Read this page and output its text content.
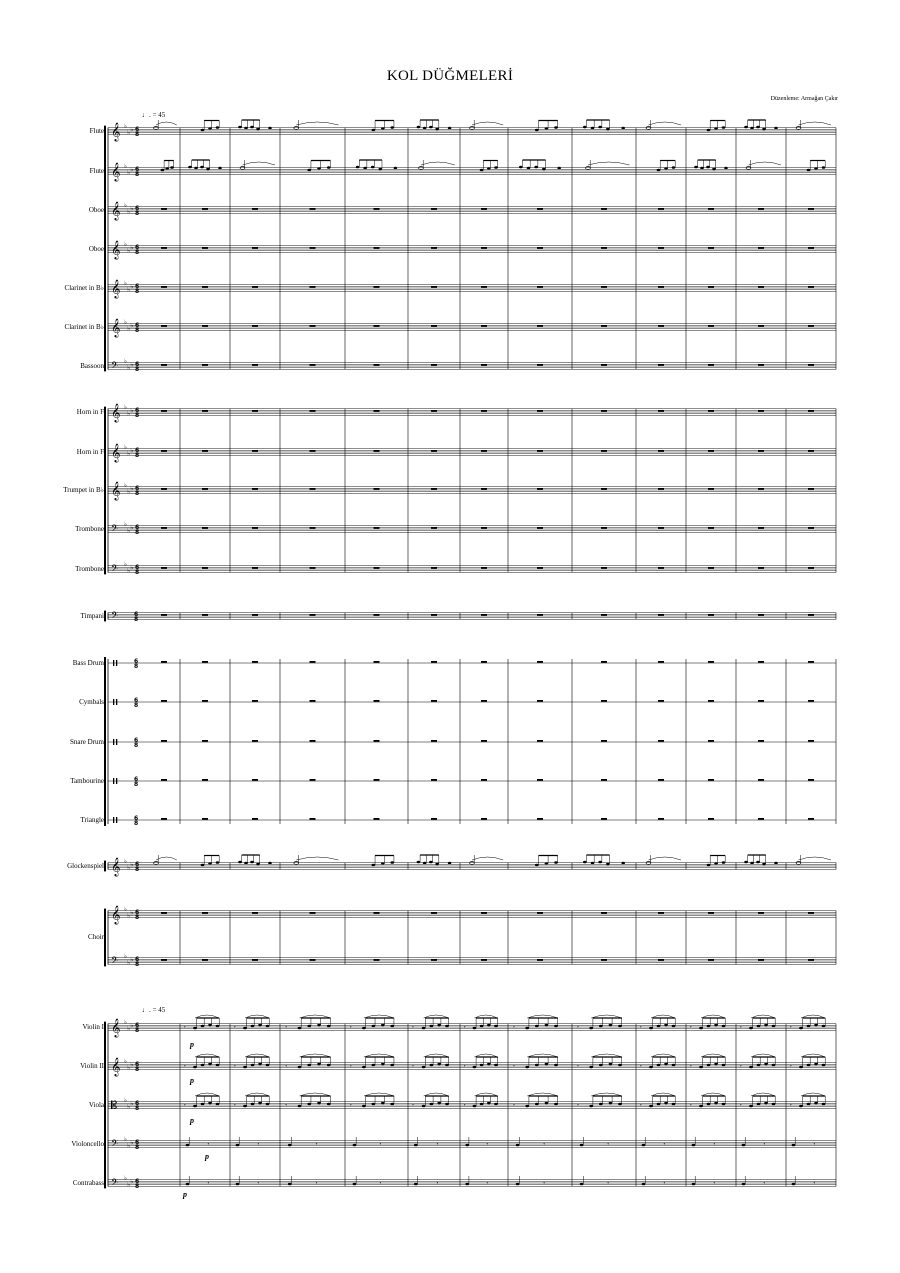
KOL DÜĞMELERİ
Düzenleme: Armağan Çakır
♩. = 45
♩. = 45
Flute
Flute
Oboe
Oboe
Clarinet in B♭
Clarinet in B♭
Bassoon
Horn in F
Horn in F
Trumpet in B♭
Trombone
Trombone
Timpani
Bass Drum
Cymbals
Snare Drum
Tambourine
Triangle
Glockenspiel
Choir
Violin I
Violin II
Viola
Violoncello
Contrabass
p
p
p
p
p
𝄞 ♭
♭ ♭ 6
8
𝄞 ♭
♭ ♭ 6
8
𝄞 ♭
♭ ♭ 6
8
𝄞 ♭
♭ ♭ 6
8
𝄞 ♭
♭ ♭ 6
8
𝄞 ♭
♭ ♭ 6
8
𝄢 ♭
♭ ♭ 6
8
𝄞 ♭
♭ ♭ 6
8
𝄞 ♭
♭ ♭ 6
8
𝄞 ♭
♭ ♭ 6
8
𝄢 ♭
♭ ♭ 6
8
𝄢 ♭
♭ ♭ 6
8
𝄢	6
8
6
8
6
8
6
8
6
8
6
8
𝄞 ♭
♭ ♭ 6
8
𝄞 ♭
♭ ♭ 6
8
𝄢 ♭
♭ ♭ 6
8
𝄞 ♭
♭ ♭ 6
8
𝄞 ♭
♭ ♭ 6
8
𝄡 ♭
♭ ♭ 6
8
𝄢 ♭
♭ ♭ 6
8
𝄢 ♭
♭ ♭ 6
8
𝄾	𝄾	𝄾	𝄾	𝄾	𝄾	𝄾	𝄾	𝄾	𝄾	𝄾	𝄾
𝄾	𝄾	𝄾	𝄾	𝄾	𝄾	𝄾	𝄾	𝄾	𝄾	𝄾	𝄾
𝄾	𝄾	𝄾	𝄾	𝄾	𝄾	𝄾	𝄾	𝄾	𝄾	𝄾	𝄾
𝄾	𝄾	𝄾	𝄾	𝄾	𝄾	𝄾	𝄾	𝄾	𝄾	𝄾	𝄾
𝄾	𝄾	𝄾	𝄾	𝄾	𝄾	𝄾	𝄾	𝄾	𝄾	𝄾	𝄾
